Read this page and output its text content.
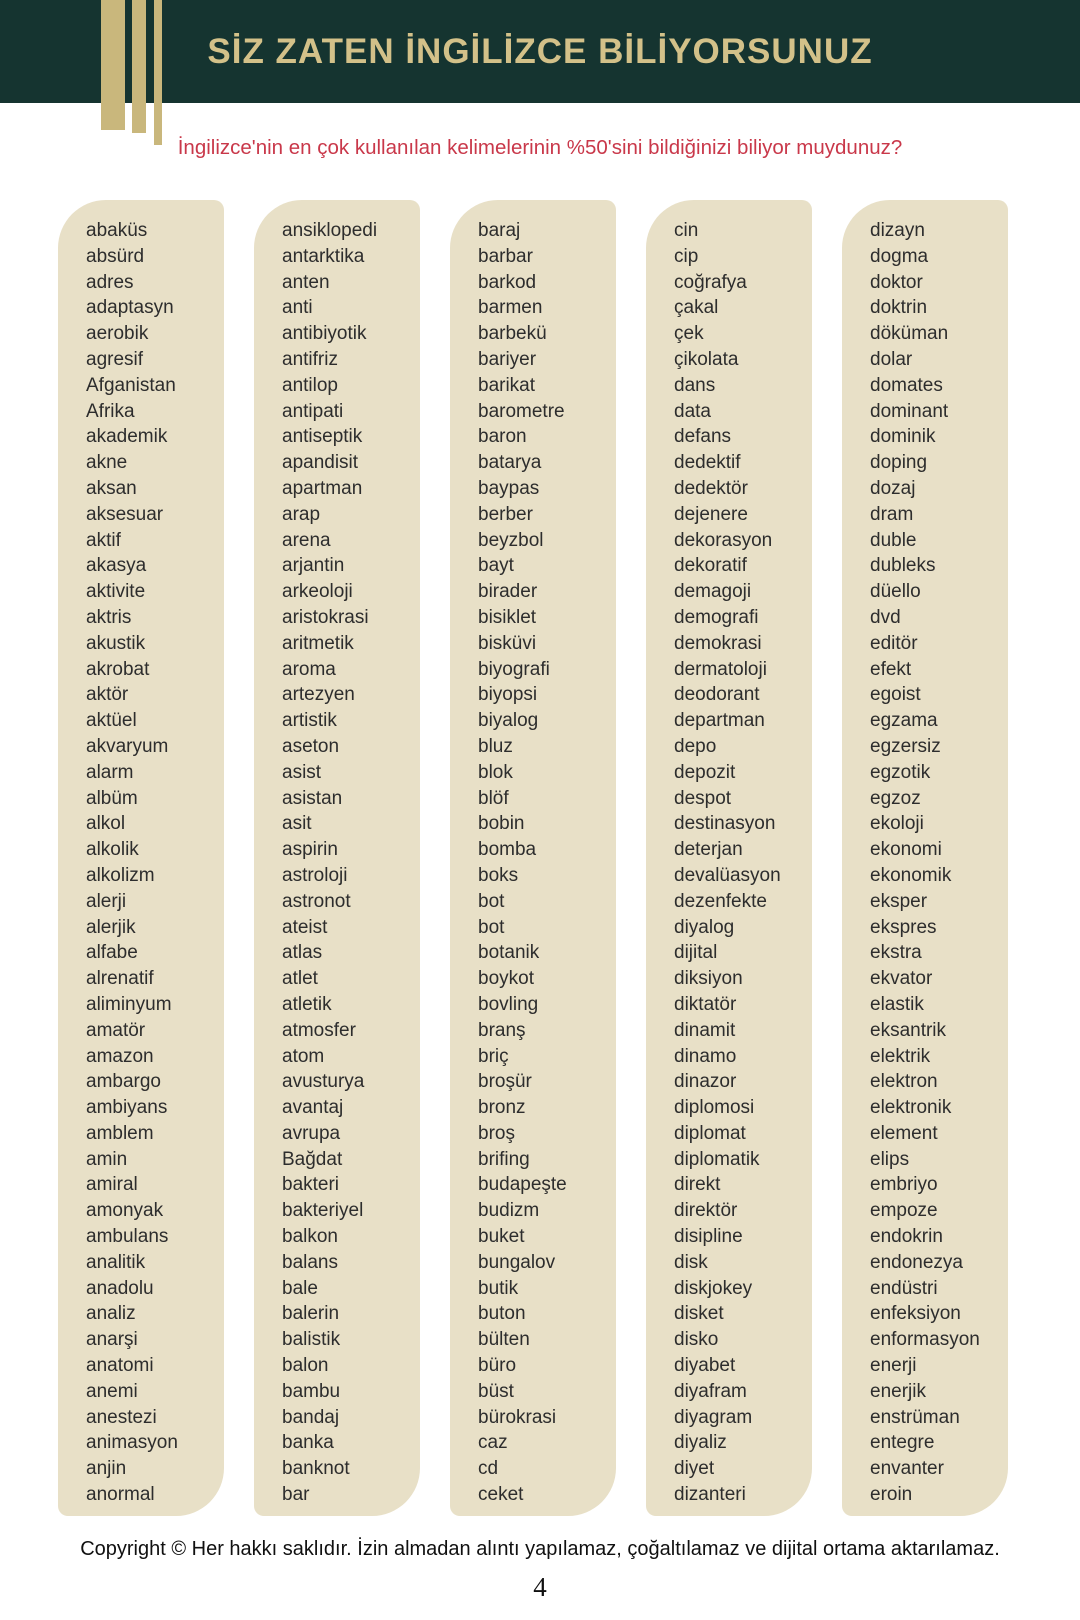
SİZ ZATEN İNGİLİZCE BİLİYORSUNUZ

İngilizce'nin en çok kullanılan kelimelerinin %50'sini bildiğinizi biliyor muydunuz?

abaküs
absürd
adres
adaptasyn
aerobik
agresif
Afganistan
Afrika
akademik
akne
aksan
aksesuar
aktif
akasya
aktivite
aktris
akustik
akrobat
aktör
aktüel
akvaryum
alarm
albüm
alkol
alkolik
alkolizm
alerji
alerjik
alfabe
alrenatif
aliminyum
amatör
amazon
ambargo
ambiyans
amblem
amin
amiral
amonyak
ambulans
analitik
anadolu
analiz
anarşi
anatomi
anemi
anestezi
animasyon
anjin
anormal
ansiklopedi
antarktika
anten
anti
antibiyotik
antifriz
antilop
antipati
antiseptik
apandisit
apartman
arap
arena
arjantin
arkeoloji
aristokrasi
aritmetik
aroma
artezyen
artistik
aseton
asist
asistan
asit
aspirin
astroloji
astronot
ateist
atlas
atlet
atletik
atmosfer
atom
avusturya
avantaj
avrupa
Bağdat
bakteri
bakteriyel
balkon
balans
bale
balerin
balistik
balon
bambu
bandaj
banka
banknot
bar
baraj
barbar
barkod
barmen
barbekü
bariyer
barikat
barometre
baron
batarya
baypas
berber
beyzbol
bayt
birader
bisiklet
bisküvi
biyografi
biyopsi
biyalog
bluz
blok
blöf
bobin
bomba
boks
bot
bot
botanik
boykot
bovling
branş
briç
broşür
bronz
broş
brifing
budapeşte
budizm
buket
bungalov
butik
buton
bülten
büro
büst
bürokrasi
caz
cd
ceket
cin
cip
coğrafya
çakal
çek
çikolata
dans
data
defans
dedektif
dedektör
dejenere
dekorasyon
dekoratif
demagoji
demografi
demokrasi
dermatoloji
deodorant
departman
depo
depozit
despot
destinasyon
deterjan
devalüasyon
dezenfekte
diyalog
dijital
diksiyon
diktatör
dinamit
dinamo
dinazor
diplomosi
diplomat
diplomatik
direkt
direktör
disipline
disk
diskjokey
disket
disko
diyabet
diyafram
diyagram
diyaliz
diyet
dizanteri
dizayn
dogma
doktor
doktrin
döküman
dolar
domates
dominant
dominik
doping
dozaj
dram
duble
dubleks
düello
dvd
editör
efekt
egoist
egzama
egzersiz
egzotik
egzoz
ekoloji
ekonomi
ekonomik
eksper
ekspres
ekstra
ekvator
elastik
eksantrik
elektrik
elektron
elektronik
element
elips
embriyo
empoze
endokrin
endonezya
endüstri
enfeksiyon
enformasyon
enerji
enerjik
enstrüman
entegre
envanter
eroin

Copyright © Her hakkı saklıdır. İzin almadan alıntı yapılamaz, çoğaltılamaz ve dijital ortama aktarılamaz.

4
